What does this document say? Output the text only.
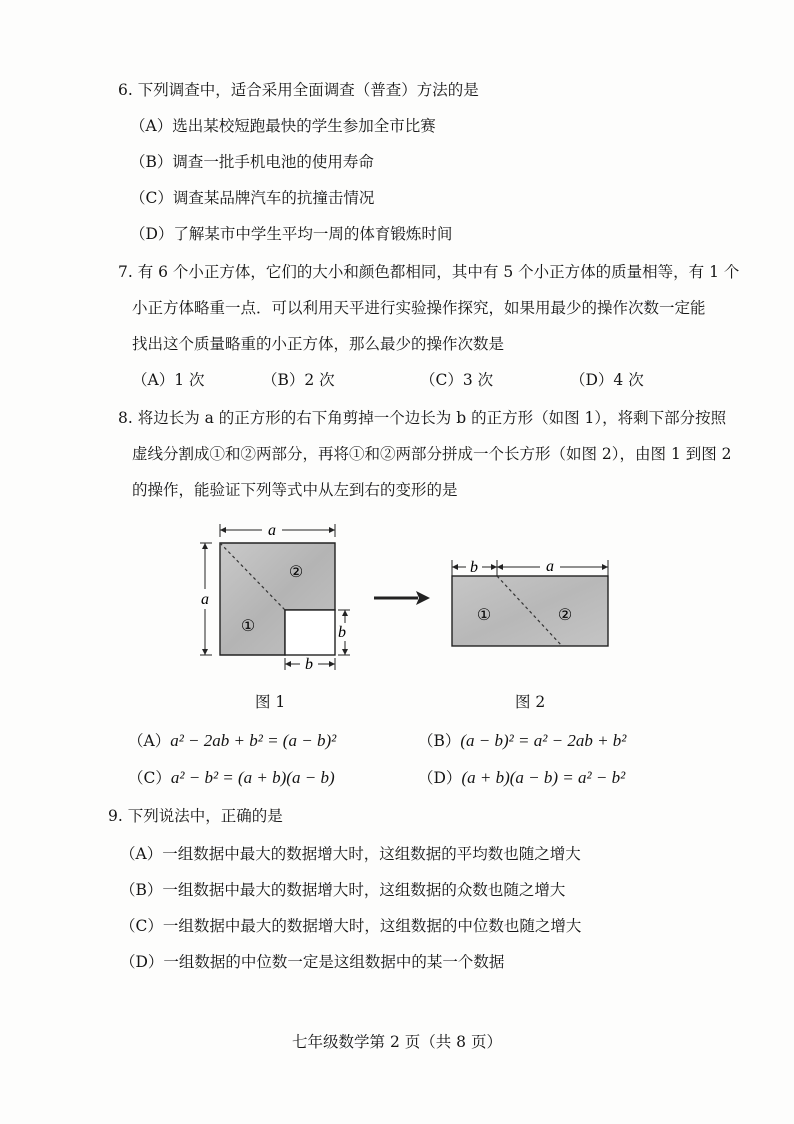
6. 下列调查中，适合采用全面调查（普查）方法的是
（A）选出某校短跑最快的学生参加全市比赛
（B）调查一批手机电池的使用寿命
（C）调查某品牌汽车的抗撞击情况
（D）了解某市中学生平均一周的体育锻炼时间
7. 有 6 个小正方体，它们的大小和颜色都相同，其中有 5 个小正方体的质量相等，有 1 个
小正方体略重一点．可以利用天平进行实验操作探究，如果用最少的操作次数一定能
找出这个质量略重的小正方体，那么最少的操作次数是
（A）1 次	（B）2 次	（C）3 次	（D）4 次
8. 将边长为 a 的正方形的右下角剪掉一个边长为 b 的正方形（如图 1），将剩下部分按照
虚线分割成①和②两部分，再将①和②两部分拼成一个长方形（如图 2），由图 1 到图 2
的操作，能验证下列等式中从左到右的变形的是
a
a
②
①	b
b
图 1
b	a
①	②
图 2
（A）a² − 2ab + b² = (a − b)²	（B）(a − b)² = a² − 2ab + b²
（C）a² − b² = (a + b)(a − b)	（D）(a + b)(a − b) = a² − b²
9. 下列说法中，正确的是
（A）一组数据中最大的数据增大时，这组数据的平均数也随之增大
（B）一组数据中最大的数据增大时，这组数据的众数也随之增大
（C）一组数据中最大的数据增大时，这组数据的中位数也随之增大
（D）一组数据的中位数一定是这组数据中的某一个数据
七年级数学第 2 页（共 8 页）
